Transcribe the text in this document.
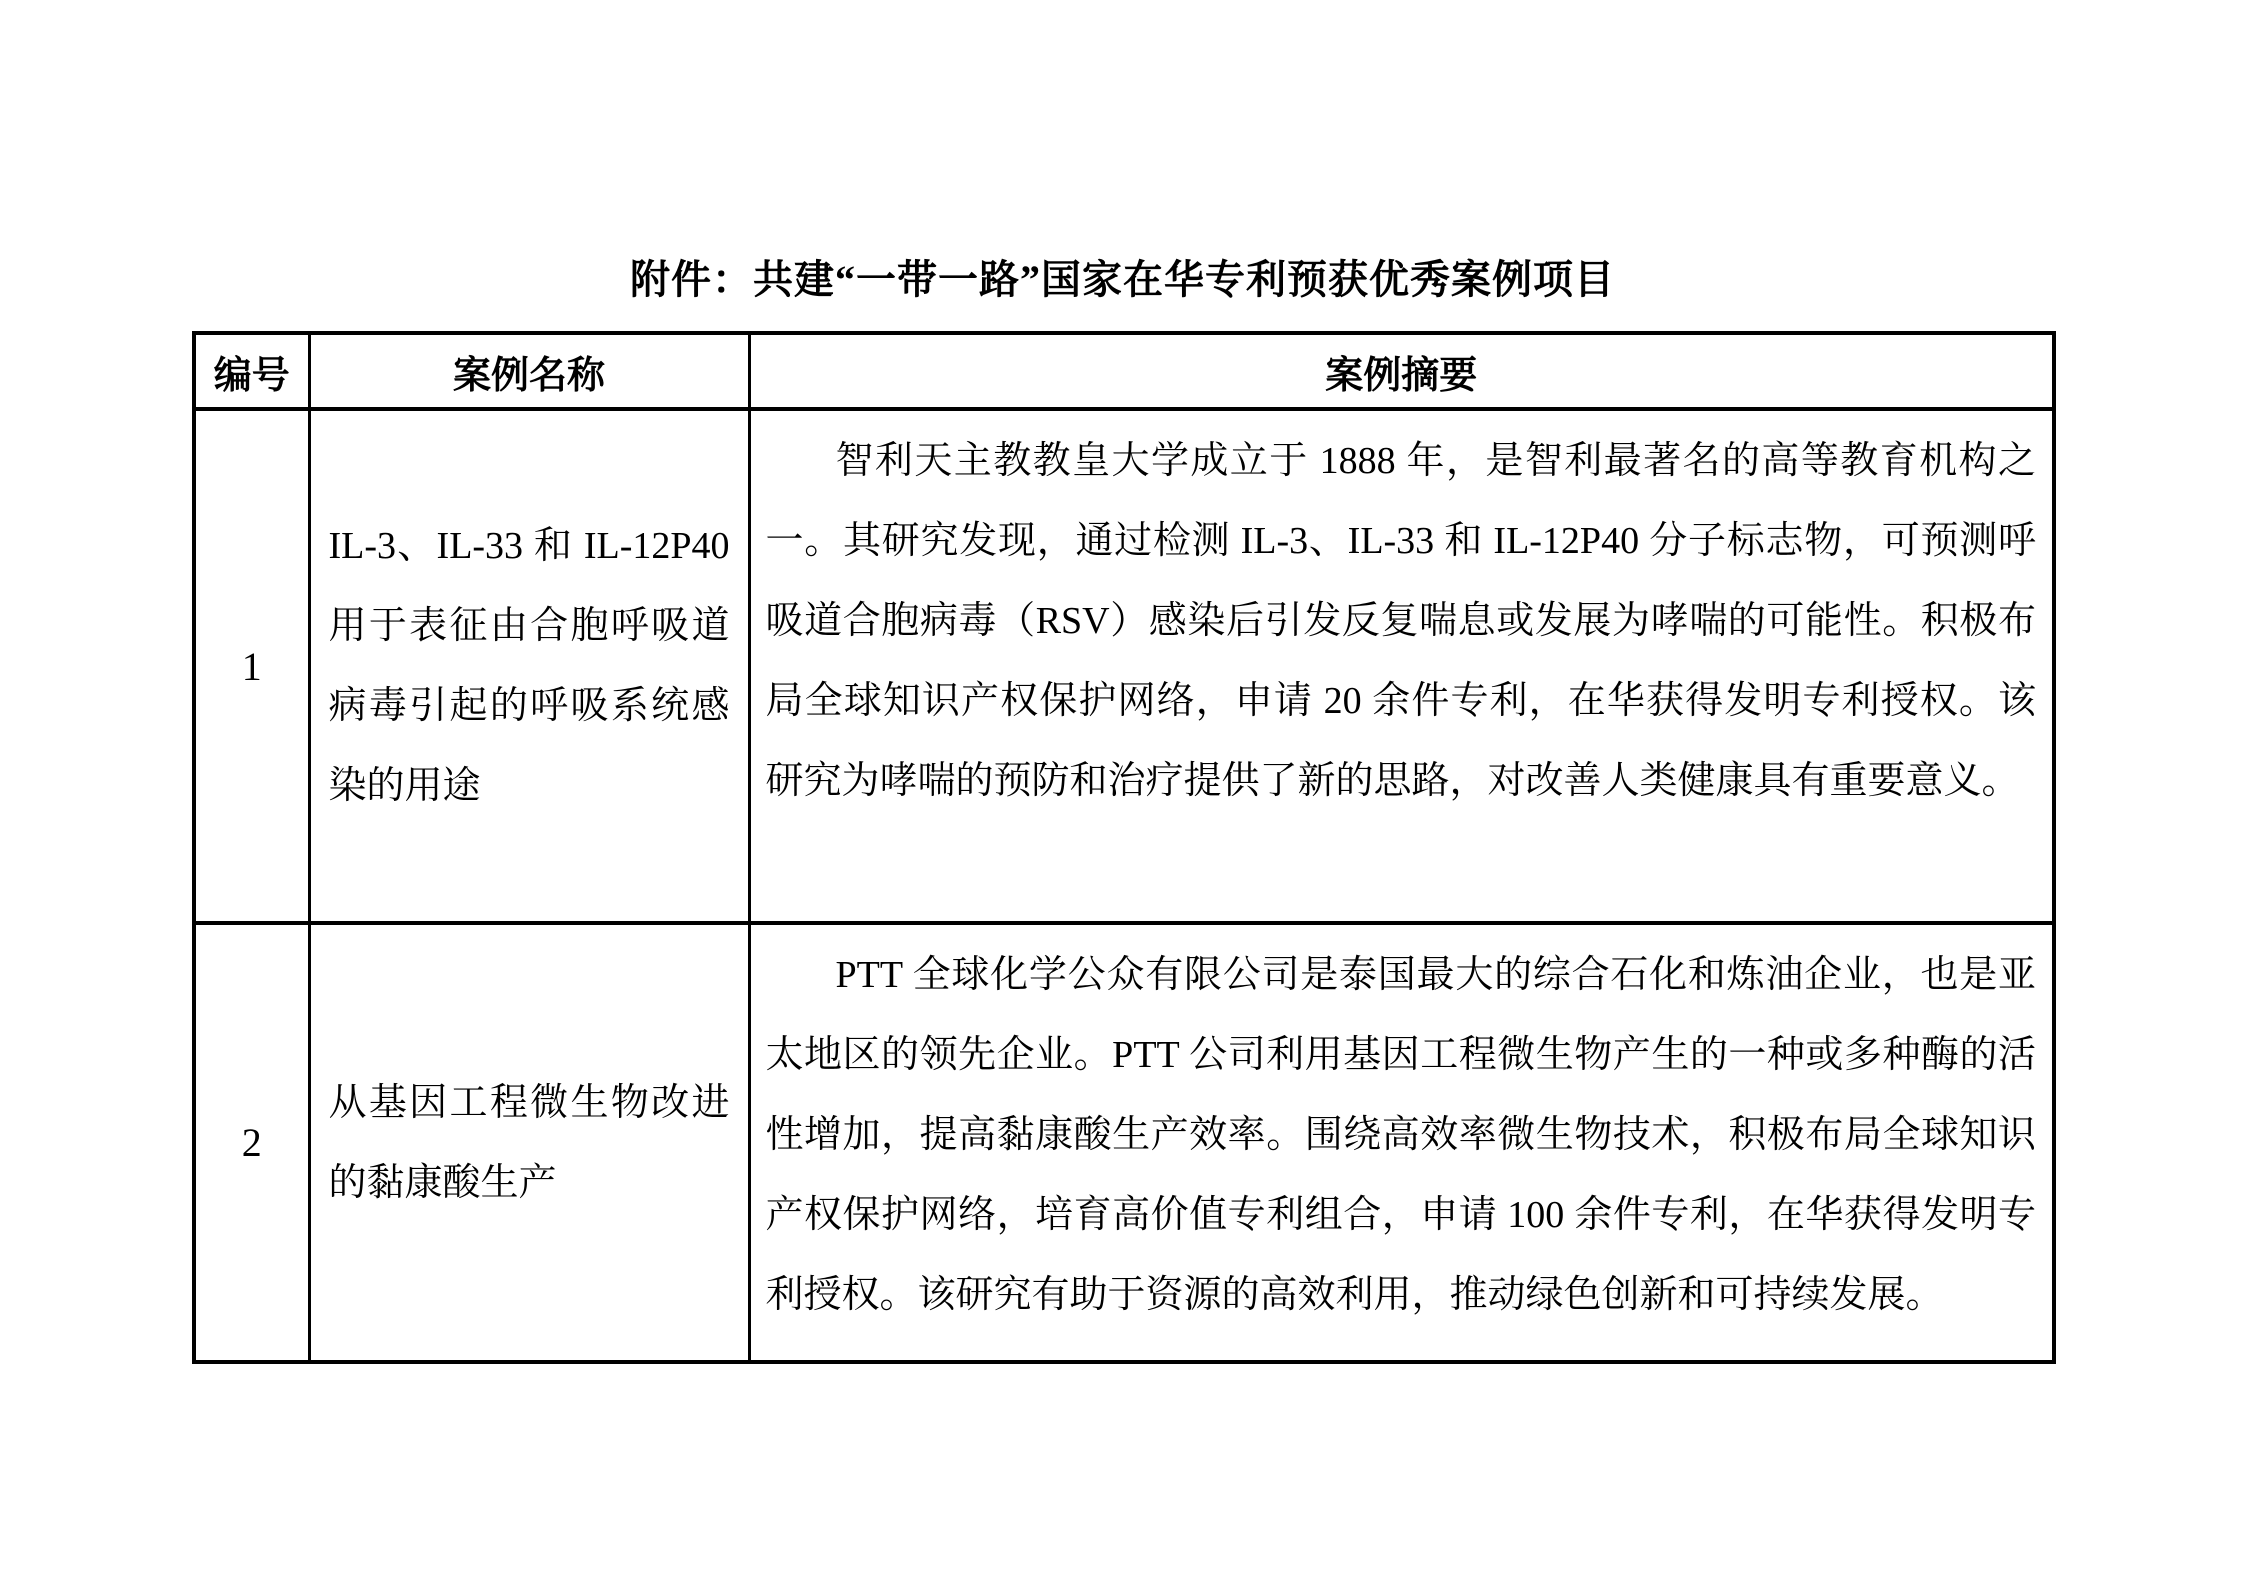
附件：共建“一带一路”国家在华专利预获优秀案例项目
编号	案例名称	案例摘要
1	IL-3、IL-33 和 IL-12P40 用于表征由合胞呼吸道病毒引起的呼吸系统感染的用途	智利天主教教皇大学成立于 1888 年，是智利最著名的高等教育机构之一。其研究发现，通过检测 IL-3、IL-33 和 IL-12P40 分子标志物，可预测呼吸道合胞病毒（RSV）感染后引发反复喘息或发展为哮喘的可能性。积极布局全球知识产权保护网络，申请 20 余件专利，在华获得发明专利授权。该研究为哮喘的预防和治疗提供了新的思路，对改善人类健康具有重要意义。

2	从基因工程微生物改进的黏康酸生产	PTT 全球化学公众有限公司是泰国最大的综合石化和炼油企业，也是亚太地区的领先企业。PTT 公司利用基因工程微生物产生的一种或多种酶的活性增加，提高黏康酸生产效率。围绕高效率微生物技术，积极布局全球知识产权保护网络，培育高价值专利组合，申请 100 余件专利，在华获得发明专利授权。该研究有助于资源的高效利用，推动绿色创新和可持续发展。
